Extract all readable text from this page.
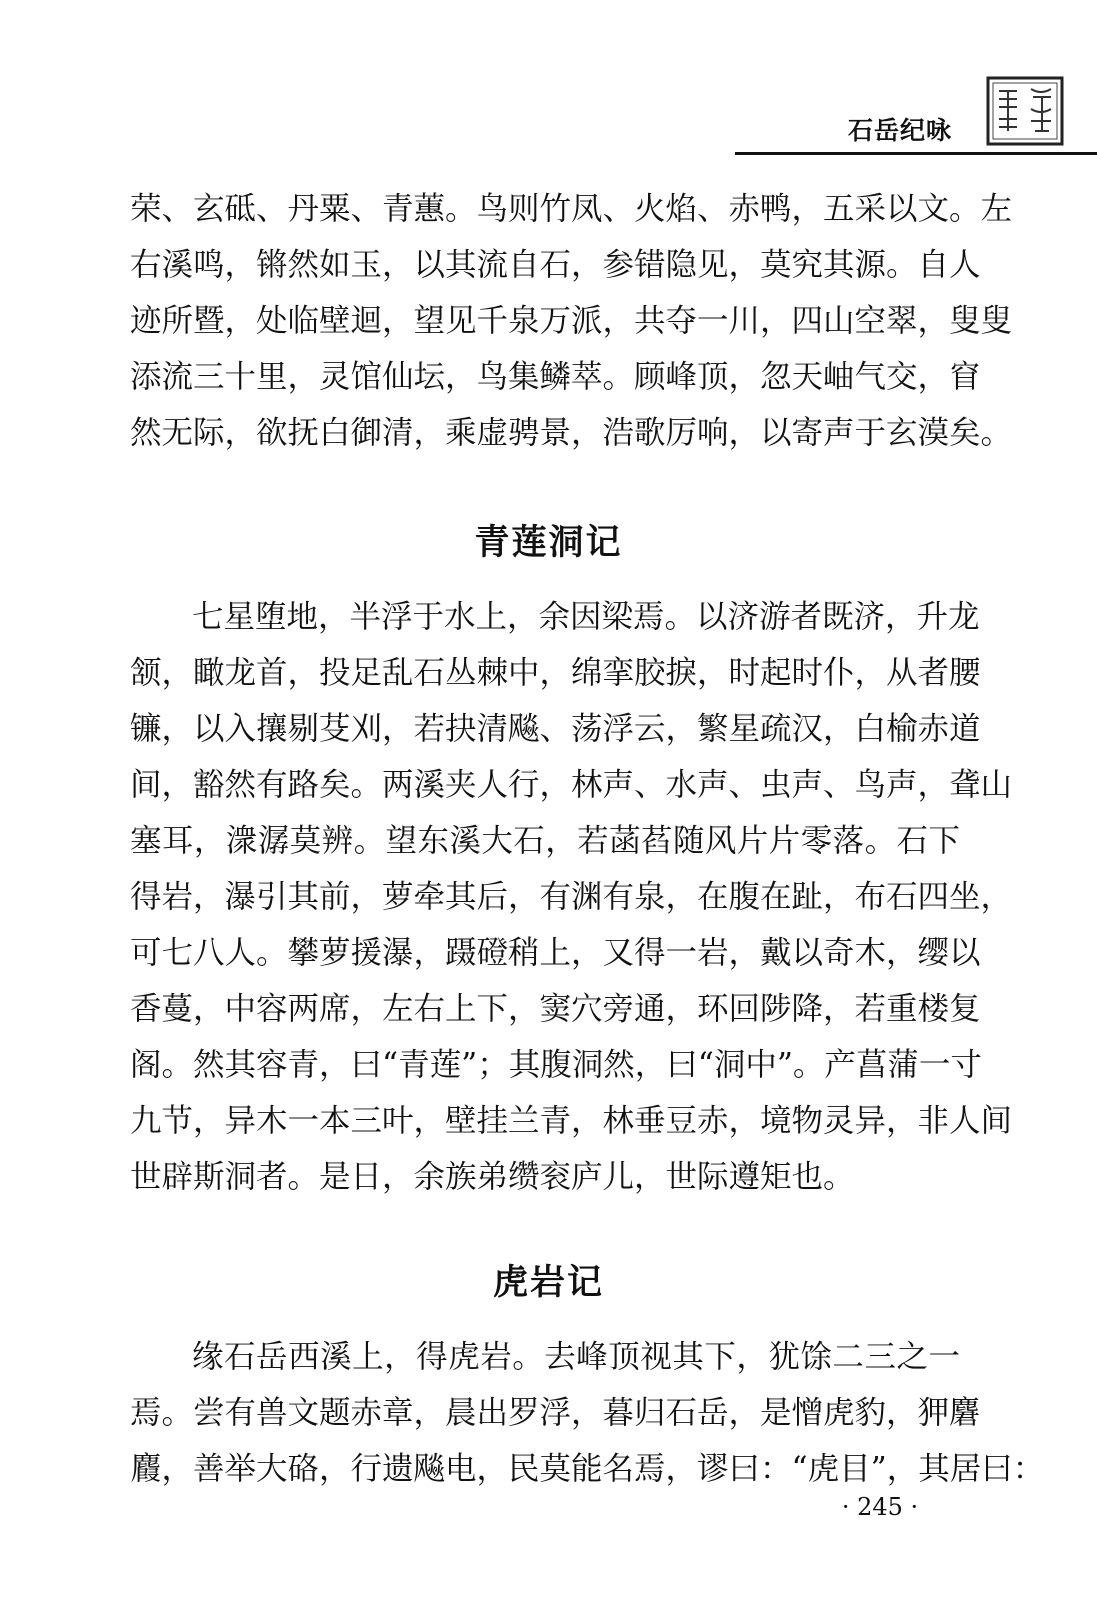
石岳纪咏
荣、玄砥、丹粟、青蕙。鸟则竹凤、火焰、赤鸭，五采以文。左
右溪鸣，锵然如玉，以其流自石，参错隐见，莫究其源。自人
迹所暨，处临壁迴，望见千泉万派，共夺一川，四山空翠，叟叟
添流三十里，灵馆仙坛，鸟集鳞萃。顾峰顶，忽天岫气交，窅
然无际，欲抚白御清，乘虚骋景，浩歌厉响，以寄声于玄漠矣。
青莲洞记
七星堕地，半浮于水上，余因梁焉。以济游者既济，升龙
颔，瞰龙首，投足乱石丛棘中，绵挛胶捩，时起时仆，从者腰
镰，以入攘剔芟刈，若抉清飚、荡浮云，繁星疏汉，白榆赤道
间，豁然有路矣。两溪夹人行，林声、水声、虫声、鸟声，聋山
塞耳，潨潺莫辨。望东溪大石，若菡萏随风片片零落。石下
得岩，瀑引其前，萝牵其后，有渊有泉，在腹在趾，布石四坐，
可七八人。攀萝援瀑，蹑磴稍上，又得一岩，戴以奇木，缨以
香蔓，中容两席，左右上下，窦穴旁通，环回陟降，若重楼复
阁。然其容青，曰“青莲”；其腹洞然，曰“洞中”。产菖蒲一寸
九节，异木一本三叶，壁挂兰青，林垂豆赤，境物灵异，非人间
世辟斯洞者。是日，余族弟缵衮庐儿，世际遵矩也。
虎岩记
缘石岳西溪上，得虎岩。去峰顶视其下，犹馀二三之一
焉。尝有兽文题赤章，晨出罗浮，暮归石岳，是憎虎豹，狎麏
麚，善举大硌，行遗飚电，民莫能名焉，谬曰：“虎目”，其居曰：
· 245 ·
